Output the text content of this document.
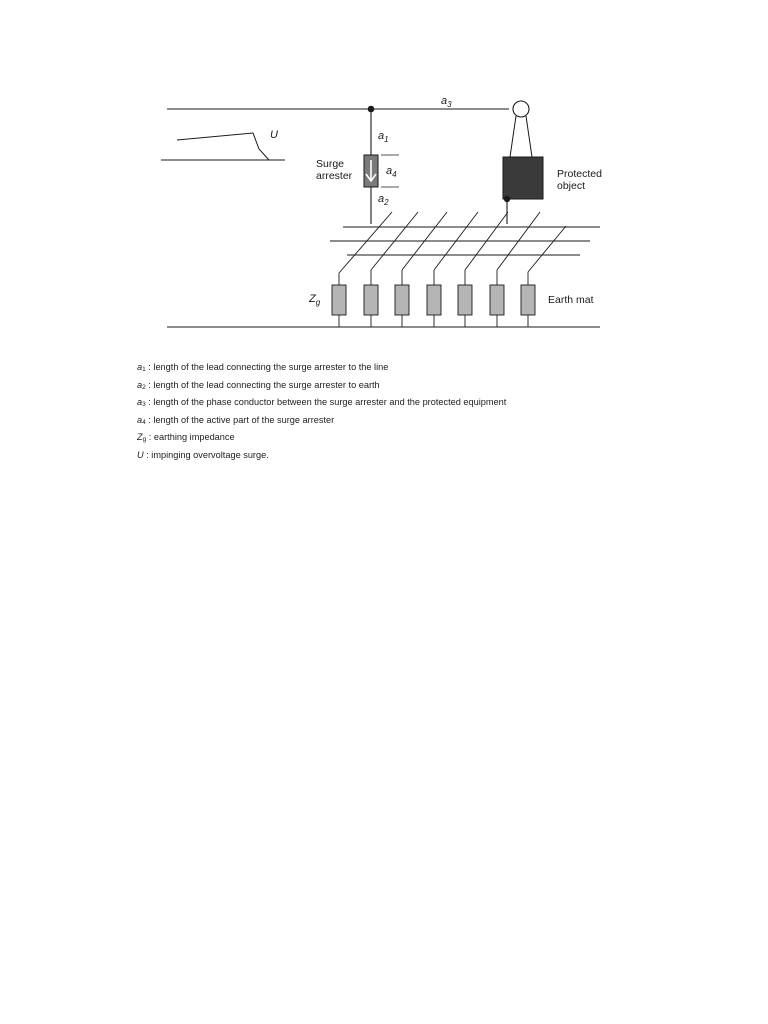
$a_3$
U	$a_1$
$a_4$
$a_2$
Surge arrester	Protected object
$Z_g$	Earth mat
a1 : length of the lead connecting the surge arrester to the line
a2 : length of the lead connecting the surge arrester to earth
a3 : length of the phase conductor between the surge arrester and the protected equipment
a4 : length of the active part of the surge arrester
Zg : earthing impedance
U : impinging overvoltage surge.
